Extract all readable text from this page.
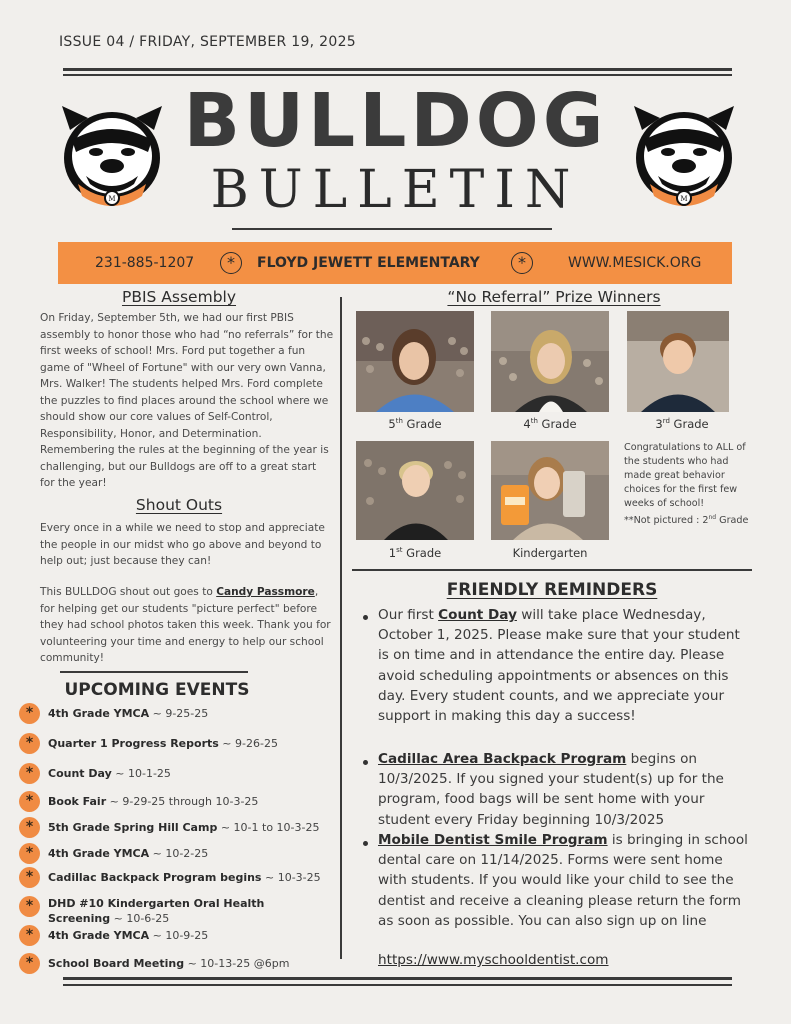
ISSUE 04 / FRIDAY, SEPTEMBER 19, 2025
M	M
BULLDOG
BULLETIN
231-885-1207	*	FLOYD JEWETT ELEMENTARY	*	WWW.MESICK.ORG
PBIS Assembly
On Friday, September 5th, we had our first PBIS assembly to honor those who had “no referrals” for the first weeks of school! Mrs. Ford put together a fun game of "Wheel of Fortune" with our very own Vanna, Mrs. Walker! The students helped Mrs. Ford complete the puzzles to find places around the school where we should show our core values of Self-Control, Responsibility, Honor, and Determination. Remembering the rules at the beginning of the year is challenging, but our Bulldogs are off to a great start for the year!
Shout Outs
Every once in a while we need to stop and appreciate the people in our midst who go above and beyond to help out; just because they can!
This BULLDOG shout out goes to Candy Passmore, for helping get our students "picture perfect" before they had school photos taken this week. Thank you for volunteering your time and energy to help our school community!
UPCOMING EVENTS
*	4th Grade YMCA ~ 9-25-25
*	Quarter 1 Progress Reports ~ 9-26-25
*	Count Day ~ 10-1-25
*	Book Fair ~ 9-29-25 through 10-3-25
*	5th Grade Spring Hill Camp ~ 10-1 to 10-3-25
*	4th Grade YMCA ~ 10-2-25
*	Cadillac Backpack Program begins ~ 10-3-25
*	DHD #10 Kindergarten Oral Health Screening ~ 10-6-25
*	4th Grade YMCA ~ 10-9-25
*	School Board Meeting ~ 10-13-25 @6pm
“No Referral” Prize Winners
5th Grade	4th Grade	3rd Grade
1st Grade	Kindergarten
Congratulations to ALL of the students who had made great behavior choices for the first few weeks of school!
**Not pictured : 2nd Grade
FRIENDLY REMINDERS
Our first Count Day will take place Wednesday, October 1, 2025. Please make sure that your student is on time and in attendance the entire day. Please avoid scheduling appointments or absences on this day. Every student counts, and we appreciate your support in making this day a success!
Cadillac Area Backpack Program begins on 10/3/2025. If you signed your student(s) up for the program, food bags will be sent home with your student every Friday beginning 10/3/2025
Mobile Dentist Smile Program is bringing in school dental care on 11/14/2025. Forms were sent home with students. If you would like your child to see the dentist and receive a cleaning please return the form as soon as possible. You can also sign up on line
https://www.myschooldentist.com
